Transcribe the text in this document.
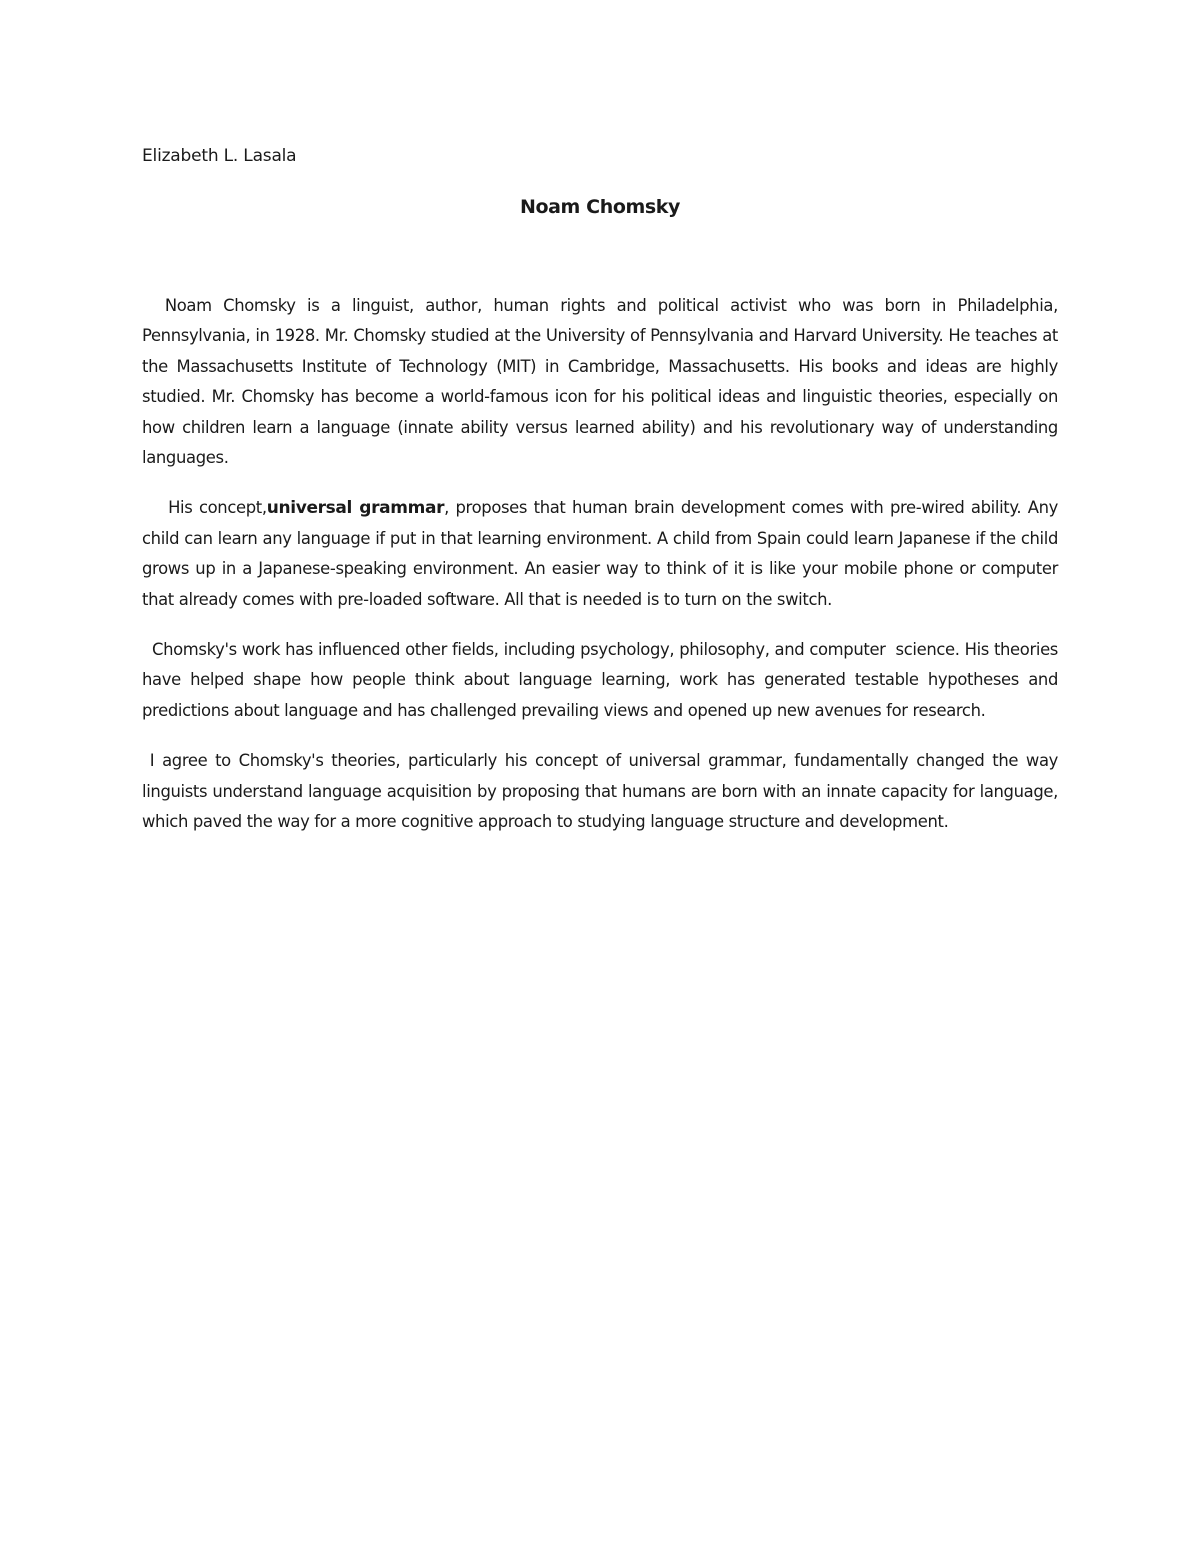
Elizabeth L. Lasala
Noam Chomsky

Noam Chomsky is a linguist, author, human rights and political activist who was born in Philadelphia, Pennsylvania, in 1928. Mr. Chomsky studied at the University of Pennsylvania and Harvard University. He teaches at the Massachusetts Institute of Technology (MIT) in Cambridge, Massachusetts. His books and ideas are highly studied. Mr. Chomsky has become a world-famous icon for his political ideas and linguistic theories, especially on how children learn a language (innate ability versus learned ability) and his revolutionary way of understanding languages.

His concept,universal grammar, proposes that human brain development comes with pre-wired ability. Any child can learn any language if put in that learning environment. A child from Spain could learn Japanese if the child grows up in a Japanese-speaking environment. An easier way to think of it is like your mobile phone or computer that already comes with pre-loaded software. All that is needed is to turn on the switch.

Chomsky's work has influenced other fields, including psychology, philosophy, and computer  science. His theories have helped shape how people think about language learning, work has generated testable hypotheses and predictions about language and has challenged prevailing views and opened up new avenues for research.

I agree to Chomsky's theories, particularly his concept of universal grammar, fundamentally changed the way linguists understand language acquisition by proposing that humans are born with an innate capacity for language, which paved the way for a more cognitive approach to studying language structure and development.
